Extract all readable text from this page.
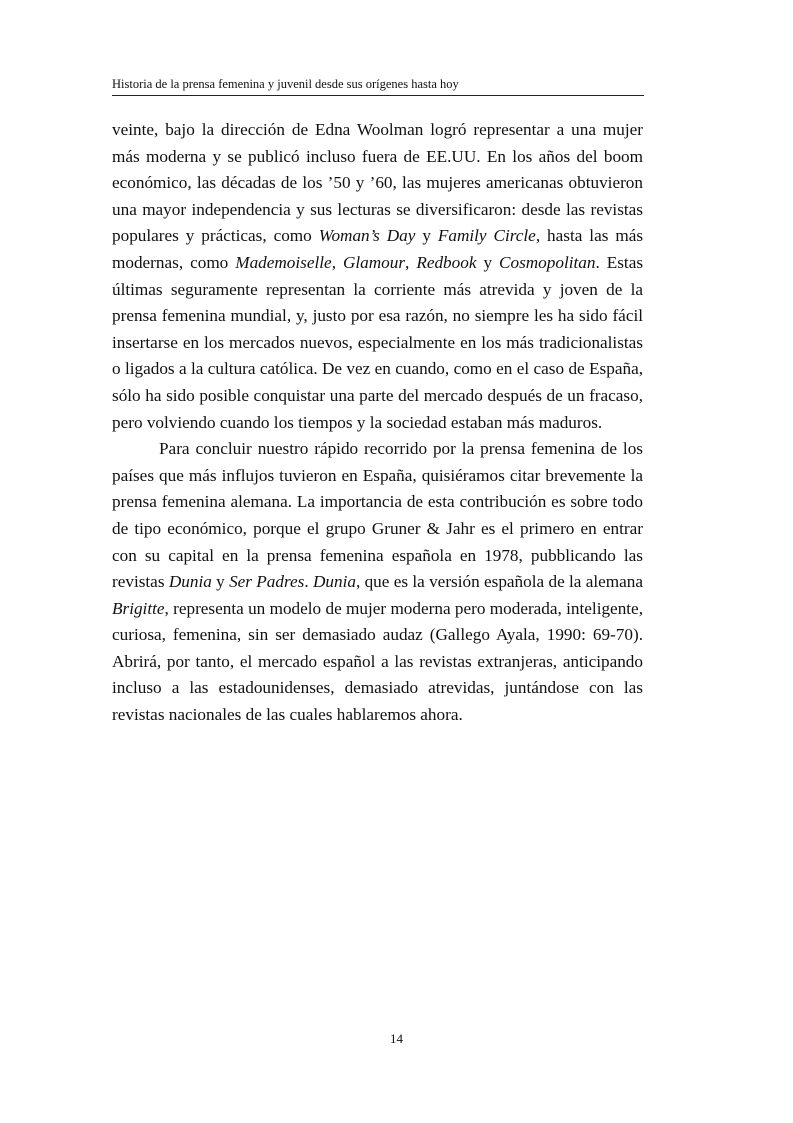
Historia de la prensa femenina y juvenil desde sus orígenes hasta hoy

veinte, bajo la dirección de Edna Woolman logró representar a una mujer más moderna y se publicó incluso fuera de EE.UU. En los años del boom económico, las décadas de los ’50 y ’60, las mujeres americanas obtuvieron una mayor independencia y sus lecturas se diversificaron: desde las revistas populares y prácticas, como Woman’s Day y Family Circle, hasta las más modernas, como Mademoiselle, Glamour, Redbook y Cosmopolitan. Estas últimas seguramente representan la corriente más atrevida y joven de la prensa femenina mundial, y, justo por esa razón, no siempre les ha sido fácil insertarse en los mercados nuevos, especialmente en los más tradicionalistas o ligados a la cultura católica. De vez en cuando, como en el caso de España, sólo ha sido posible conquistar una parte del mercado después de un fracaso, pero volviendo cuando los tiempos y la sociedad estaban más maduros.

Para concluir nuestro rápido recorrido por la prensa femenina de los países que más influjos tuvieron en España, quisiéramos citar brevemente la prensa femenina alemana. La importancia de esta contribución es sobre todo de tipo económico, porque el grupo Gruner & Jahr es el primero en entrar con su capital en la prensa femenina española en 1978, pubblicando las revistas Dunia y Ser Padres. Dunia, que es la versión española de la alemana Brigitte, representa un modelo de mujer moderna pero moderada, inteligente, curiosa, femenina, sin ser demasiado audaz (Gallego Ayala, 1990: 69-70). Abrirá, por tanto, el mercado español a las revistas extranjeras, anticipando incluso a las estadounidenses, demasiado atrevidas, juntándose con las revistas nacionales de las cuales hablaremos ahora.

14
